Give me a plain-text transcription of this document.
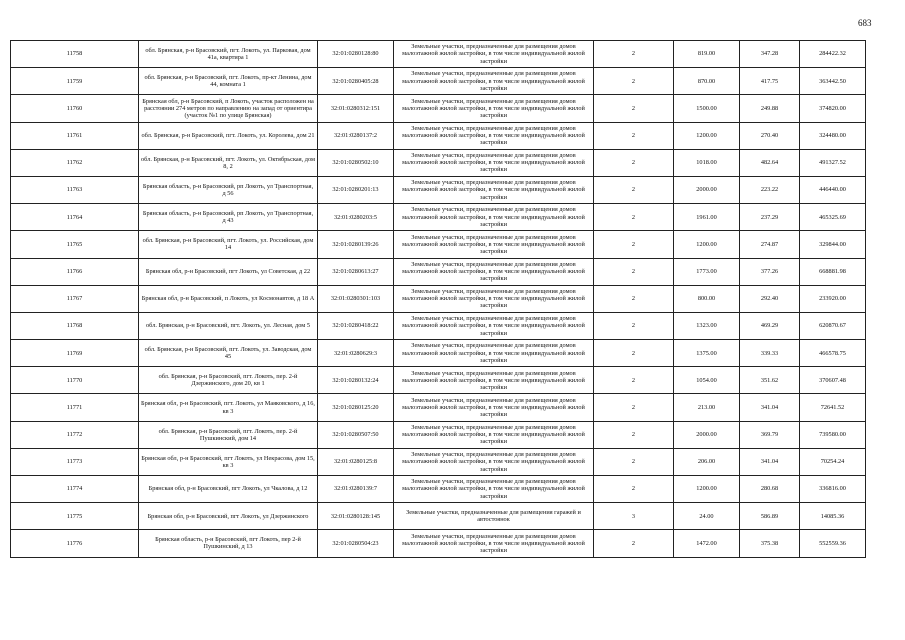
683
11758	обл. Брянская, р-н Брасовский, пгт. Локоть, ул. Парковая, дом 41а, квартира 1	32:01:0280128:80	Земельные участки, предназначенные для размещения домов малоэтажной жилой застройки, в том числе индивидуальной жилой застройки	2	819.00	347.28	284422.32
11759	обл. Брянская, р-н Брасовский, пгт. Локоть, пр-кт Ленина, дом 44, комната 1	32:01:0280405:28	Земельные участки, предназначенные для размещения домов малоэтажной жилой застройки, в том числе индивидуальной жилой застройки	2	870.00	417.75	363442.50
11760	Брянская обл, р-н Брасовский, п Локоть, участок расположен на расстоянии 274 метров по направлению на запад от ориентира (участок №1 по улице Брянская)	32:01:0280312:151	Земельные участки, предназначенные для размещения домов малоэтажной жилой застройки, в том числе индивидуальной жилой застройки	2	1500.00	249.88	374820.00
11761	обл. Брянская, р-н Брасовский, пгт. Локоть, ул. Королева, дом 21	32:01:0280137:2	Земельные участки, предназначенные для размещения домов малоэтажной жилой застройки, в том числе индивидуальной жилой застройки	2	1200.00	270.40	324480.00
11762	обл. Брянская, р-н Брасовский, пгт. Локоть, ул. Октябрьская, дом 8, 2	32:01:0280502:10	Земельные участки, предназначенные для размещения домов малоэтажной жилой застройки, в том числе индивидуальной жилой застройки	2	1018.00	482.64	491327.52
11763	Брянская область, р-н Брасовский, рп Локоть, ул Транспортная, д 56	32:01:0280201:13	Земельные участки, предназначенные для размещения домов малоэтажной жилой застройки, в том числе индивидуальной жилой застройки	2	2000.00	223.22	446440.00
11764	Брянская область, р-н Брасовский, рп Локоть, ул Транспортная, д 43	32:01:0280203:5	Земельные участки, предназначенные для размещения домов малоэтажной жилой застройки, в том числе индивидуальной жилой застройки	2	1961.00	237.29	465325.69
11765	обл. Брянская, р-н Брасовский, пгт. Локоть, ул. Российская, дом 14	32:01:0280139:26	Земельные участки, предназначенные для размещения домов малоэтажной жилой застройки, в том числе индивидуальной жилой застройки	2	1200.00	274.87	329844.00
11766	Брянская обл, р-н Брасовский, пгт Локоть, ул Советская, д 22	32:01:0280613:27	Земельные участки, предназначенные для размещения домов малоэтажной жилой застройки, в том числе индивидуальной жилой застройки	2	1773.00	377.26	668881.98
11767	Брянская обл, р-н Брасовский, п Локоть, ул Космонавтов, д 18 А	32:01:0280301:103	Земельные участки, предназначенные для размещения домов малоэтажной жилой застройки, в том числе индивидуальной жилой застройки	2	800.00	292.40	233920.00
11768	обл. Брянская, р-н Брасовский, пгт. Локоть, ул. Лесная, дом 5	32:01:0280418:22	Земельные участки, предназначенные для размещения домов малоэтажной жилой застройки, в том числе индивидуальной жилой застройки	2	1323.00	469.29	620870.67
11769	обл. Брянская, р-н Брасовский, пгт. Локоть, ул. Заводская, дом 45	32:01:0280629:3	Земельные участки, предназначенные для размещения домов малоэтажной жилой застройки, в том числе индивидуальной жилой застройки	2	1375.00	339.33	466578.75
11770	обл. Брянская, р-н Брасовский, пгт. Локоть, пер. 2-й Дзержинского, дом 20, кв 1	32:01:0280132:24	Земельные участки, предназначенные для размещения домов малоэтажной жилой застройки, в том числе индивидуальной жилой застройки	2	1054.00	351.62	370607.48
11771	Брянская обл, р-н Брасовский, пгт. Локоть, ул Маяковского, д 16, кв 3	32:01:0280125:20	Земельные участки, предназначенные для размещения домов малоэтажной жилой застройки, в том числе индивидуальной жилой застройки	2	213.00	341.04	72641.52
11772	обл. Брянская, р-н Брасовский, пгт. Локоть, пер. 2-й Пушкинский, дом 14	32:01:0280507:50	Земельные участки, предназначенные для размещения домов малоэтажной жилой застройки, в том числе индивидуальной жилой застройки	2	2000.00	369.79	739580.00
11773	Брянская обл, р-н Брасовский, пгт Локоть, ул Некрасова, дом 15, кв 3	32:01:0280125:8	Земельные участки, предназначенные для размещения домов малоэтажной жилой застройки, в том числе индивидуальной жилой застройки	2	206.00	341.04	70254.24
11774	Брянская обл, р-н Брасовский, пгт Локоть, ул Чкалова, д 12	32:01:0280139:7	Земельные участки, предназначенные для размещения домов малоэтажной жилой застройки, в том числе индивидуальной жилой застройки	2	1200.00	280.68	336816.00
11775	Брянская обл, р-н Брасовский, пгт Локоть, ул Дзержинского	32:01:0280128:145	Земельные участки, предназначенные для размещения гаражей и автостоянок	3	24.00	586.89	14085.36
11776	Брянская область, р-н Брасовский, пгт Локоть, пер 2-й Пушкинский, д 13	32:01:0280504:23	Земельные участки, предназначенные для размещения домов малоэтажной жилой застройки, в том числе индивидуальной жилой застройки	2	1472.00	375.38	552559.36
